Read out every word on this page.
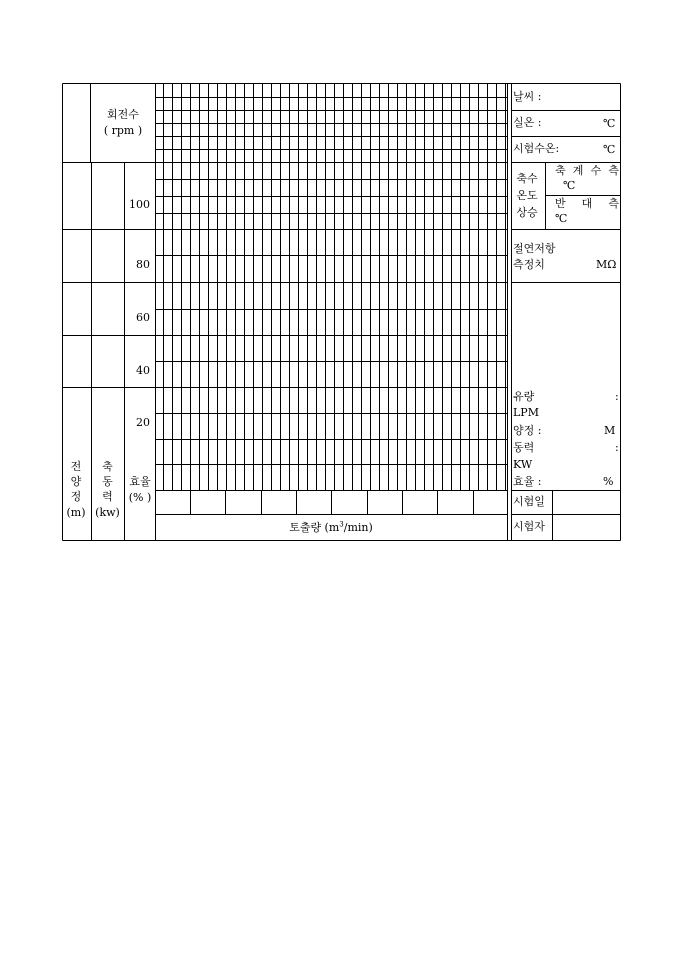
회전수
( rpm )
100
80
60
40
20
전
양
정
(m)
축
동
력
(kw)
효율
(% )
토출량 $(m^3/\min)$
날씨 :
실온 :	℃
시험수온:	℃
축수
온도
상승
축 계 수 측
℃
반 대 측
℃
절연저항
측정치	MΩ
유량	:
LPM
양정 :	M
동력	:
KW
효율 :	%
시험일
시험자
